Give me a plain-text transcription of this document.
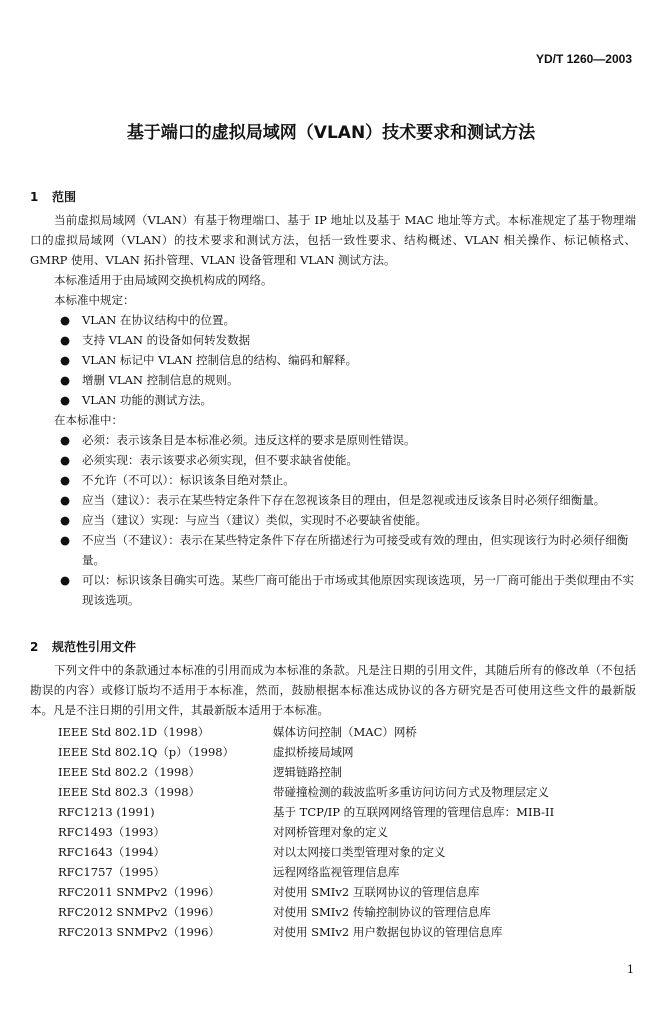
YD/T 1260—2003
基于端口的虚拟局域网（VLAN）技术要求和测试方法
1 范围

当前虚拟局域网（VLAN）有基于物理端口、基于 IP 地址以及基于 MAC 地址等方式。本标准规定了基于物理端口的虚拟局域网（VLAN）的技术要求和测试方法，包括一致性要求、结构概述、VLAN 相关操作、标记帧格式、GMRP 使用、VLAN 拓扑管理、VLAN 设备管理和 VLAN 测试方法。

本标准适用于由局域网交换机构成的网络。
本标准中规定：
● VLAN 在协议结构中的位置。
● 支持 VLAN 的设备如何转发数据
● VLAN 标记中 VLAN 控制信息的结构、编码和解释。
● 增删 VLAN 控制信息的规则。
● VLAN 功能的测试方法。
在本标准中：
● 必须：表示该条目是本标准必须。违反这样的要求是原则性错误。
● 必须实现：表示该要求必须实现，但不要求缺省使能。
● 不允许（不可以）：标识该条目绝对禁止。
● 应当（建议）：表示在某些特定条件下存在忽视该条目的理由，但是忽视或违反该条目时必须仔细衡量。
● 应当（建议）实现：与应当（建议）类似，实现时不必要缺省使能。
● 不应当（不建议）：表示在某些特定条件下存在所描述行为可接受或有效的理由，但实现该行为时必须仔细衡量。
● 可以：标识该条目确实可选。某些厂商可能出于市场或其他原因实现该选项，另一厂商可能出于类似理由不实现该选项。
2 规范性引用文件

下列文件中的条款通过本标准的引用而成为本标准的条款。凡是注日期的引用文件，其随后所有的修改单（不包括勘误的内容）或修订版均不适用于本标准，然而，鼓励根据本标准达成协议的各方研究是否可使用这些文件的最新版本。凡是不注日期的引用文件，其最新版本适用于本标准。

IEEE Std 802.1D（1998）	媒体访问控制（MAC）网桥
IEEE Std 802.1Q（p）（1998）	虚拟桥接局域网
IEEE Std 802.2（1998）	逻辑链路控制
IEEE Std 802.3（1998）	带碰撞检测的载波监听多重访问访问方式及物理层定义
RFC1213 (1991)	基于 TCP/IP 的互联网网络管理的管理信息库：MIB-II
RFC1493（1993）	对网桥管理对象的定义
RFC1643（1994）	对以太网接口类型管理对象的定义
RFC1757（1995）	远程网络监视管理信息库
RFC2011 SNMPv2（1996）	对使用 SMIv2 互联网协议的管理信息库
RFC2012 SNMPv2（1996）	对使用 SMIv2 传输控制协议的管理信息库
RFC2013 SNMPv2（1996）	对使用 SMIv2 用户数据包协议的管理信息库
1
